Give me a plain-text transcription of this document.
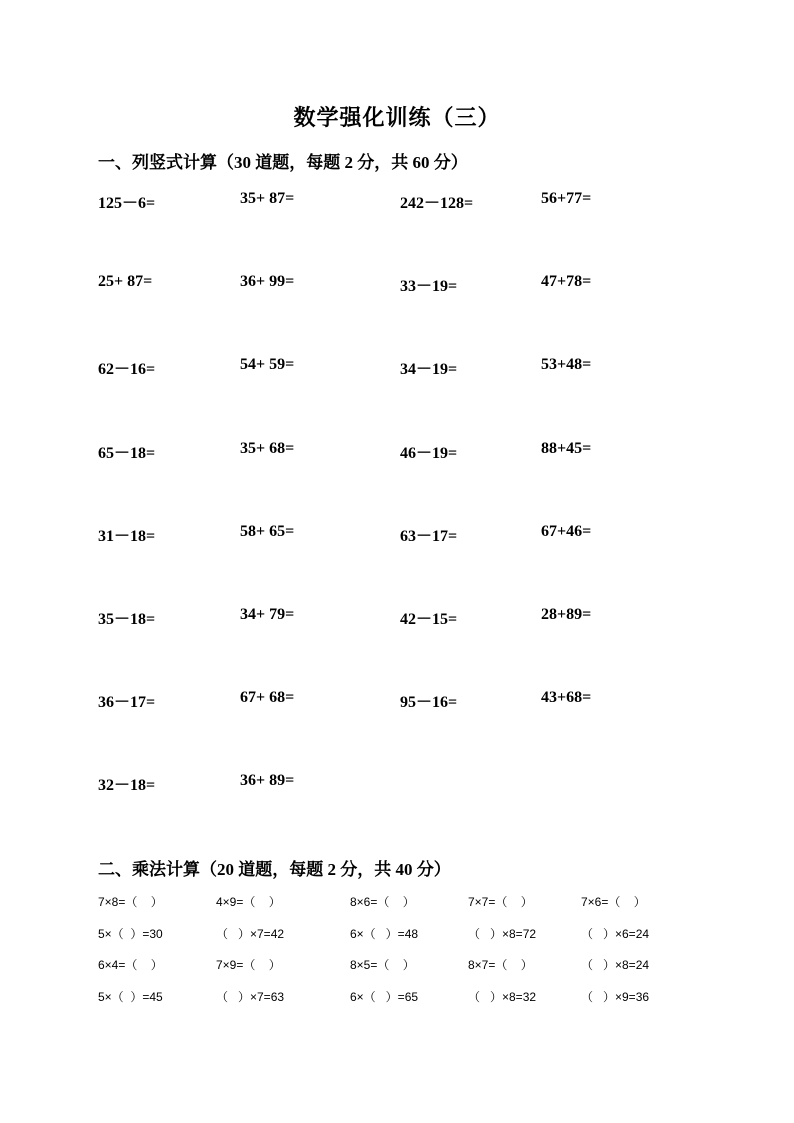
数学强化训练（三）
一、列竖式计算（30 道题，每题 2 分，共 60 分）
125－6=	35+ 87=	242－128=	56+77=
25+ 87=	36+ 99=	33－19=	47+78=
62－16=	54+ 59=	34－19=	53+48=
65－18=	35+ 68=	46－19=	88+45=
31－18=	58+ 65=	63－17=	67+46=
35－18=	34+ 79=	42－15=	28+89=
36－17=	67+ 68=	95－16=	43+68=
32－18=	36+ 89=
二、乘法计算（20 道题，每题 2 分，共 40 分）
7×8=（    ）	4×9=（    ）	8×6=（    ）	7×7=（    ）	7×6=（    ）
5×（  ）=30	（   ）×7=42	6×（   ）=48	（   ）×8=72	（   ）×6=24
6×4=（    ）	7×9=（    ）	8×5=（    ）	8×7=（    ）	（   ）×8=24
5×（  ）=45	（   ）×7=63	6×（   ）=65	（   ）×8=32	（   ）×9=36
